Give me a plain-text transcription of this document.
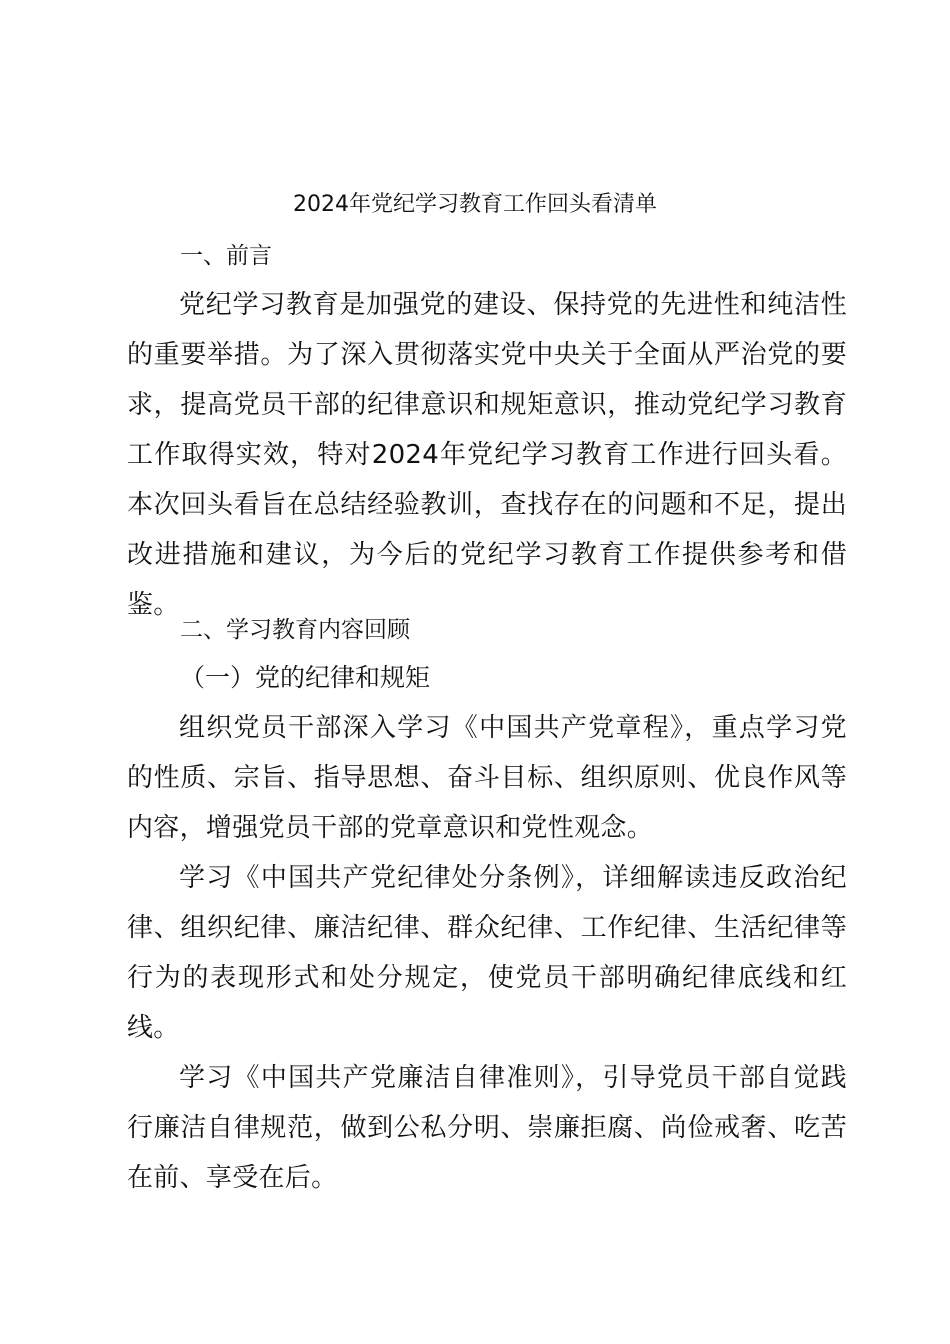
2024年党纪学习教育工作回头看清单
一、前言

党纪学习教育是加强党的建设、保持党的先进性和纯洁性的重要举措。为了深入贯彻落实党中央关于全面从严治党的要求，提高党员干部的纪律意识和规矩意识，推动党纪学习教育工作取得实效，特对2024年党纪学习教育工作进行回头看。本次回头看旨在总结经验教训，查找存在的问题和不足，提出改进措施和建议，为今后的党纪学习教育工作提供参考和借鉴。

二、学习教育内容回顾
（一）党的纪律和规矩

组织党员干部深入学习《中国共产党章程》，重点学习党的性质、宗旨、指导思想、奋斗目标、组织原则、优良作风等内容，增强党员干部的党章意识和党性观念。

学习《中国共产党纪律处分条例》，详细解读违反政治纪律、组织纪律、廉洁纪律、群众纪律、工作纪律、生活纪律等行为的表现形式和处分规定，使党员干部明确纪律底线和红线。

学习《中国共产党廉洁自律准则》，引导党员干部自觉践行廉洁自律规范，做到公私分明、崇廉拒腐、尚俭戒奢、吃苦在前、享受在后。
